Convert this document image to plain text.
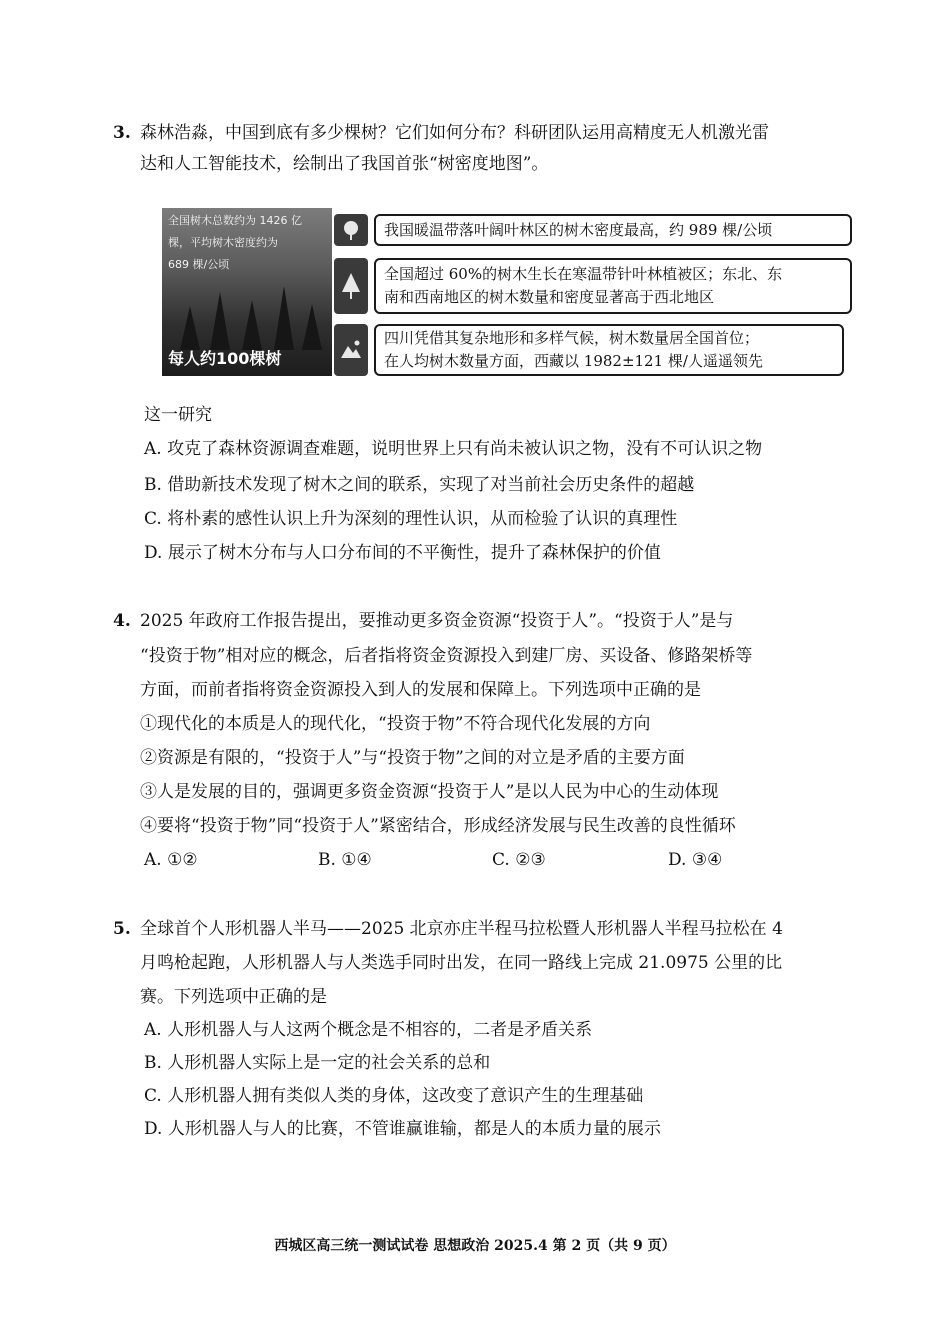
3. 森林浩淼，中国到底有多少棵树？它们如何分布？科研团队运用高精度无人机激光雷
达和人工智能技术，绘制出了我国首张“树密度地图”。
全国树木总数约为 1426 亿
棵，平均树木密度约为
689 棵/公顷
每人约100棵树
我国暖温带落叶阔叶林区的树木密度最高，约 989 棵/公顷
全国超过 60%的树木生长在寒温带针叶林植被区；东北、东
南和西南地区的树木数量和密度显著高于西北地区
四川凭借其复杂地形和多样气候，树木数量居全国首位；
在人均树木数量方面，西藏以 1982±121 棵/人遥遥领先
这一研究
A. 攻克了森林资源调查难题，说明世界上只有尚未被认识之物，没有不可认识之物
B. 借助新技术发现了树木之间的联系，实现了对当前社会历史条件的超越
C. 将朴素的感性认识上升为深刻的理性认识，从而检验了认识的真理性
D. 展示了树木分布与人口分布间的不平衡性，提升了森林保护的价值
4. 2025 年政府工作报告提出，要推动更多资金资源“投资于人”。“投资于人”是与
“投资于物”相对应的概念，后者指将资金资源投入到建厂房、买设备、修路架桥等
方面，而前者指将资金资源投入到人的发展和保障上。下列选项中正确的是
①现代化的本质是人的现代化，“投资于物”不符合现代化发展的方向
②资源是有限的，“投资于人”与“投资于物”之间的对立是矛盾的主要方面
③人是发展的目的，强调更多资金资源“投资于人”是以人民为中心的生动体现
④要将“投资于物”同“投资于人”紧密结合，形成经济发展与民生改善的良性循环
A. ①②	B. ①④	C. ②③	D. ③④
5. 全球首个人形机器人半马——2025 北京亦庄半程马拉松暨人形机器人半程马拉松在 4
月鸣枪起跑，人形机器人与人类选手同时出发，在同一路线上完成 21.0975 公里的比
赛。下列选项中正确的是
A. 人形机器人与人这两个概念是不相容的，二者是矛盾关系
B. 人形机器人实际上是一定的社会关系的总和
C. 人形机器人拥有类似人类的身体，这改变了意识产生的生理基础
D. 人形机器人与人的比赛，不管谁赢谁输，都是人的本质力量的展示
西城区高三统一测试试卷 思想政治 2025.4 第 2 页（共 9 页）
